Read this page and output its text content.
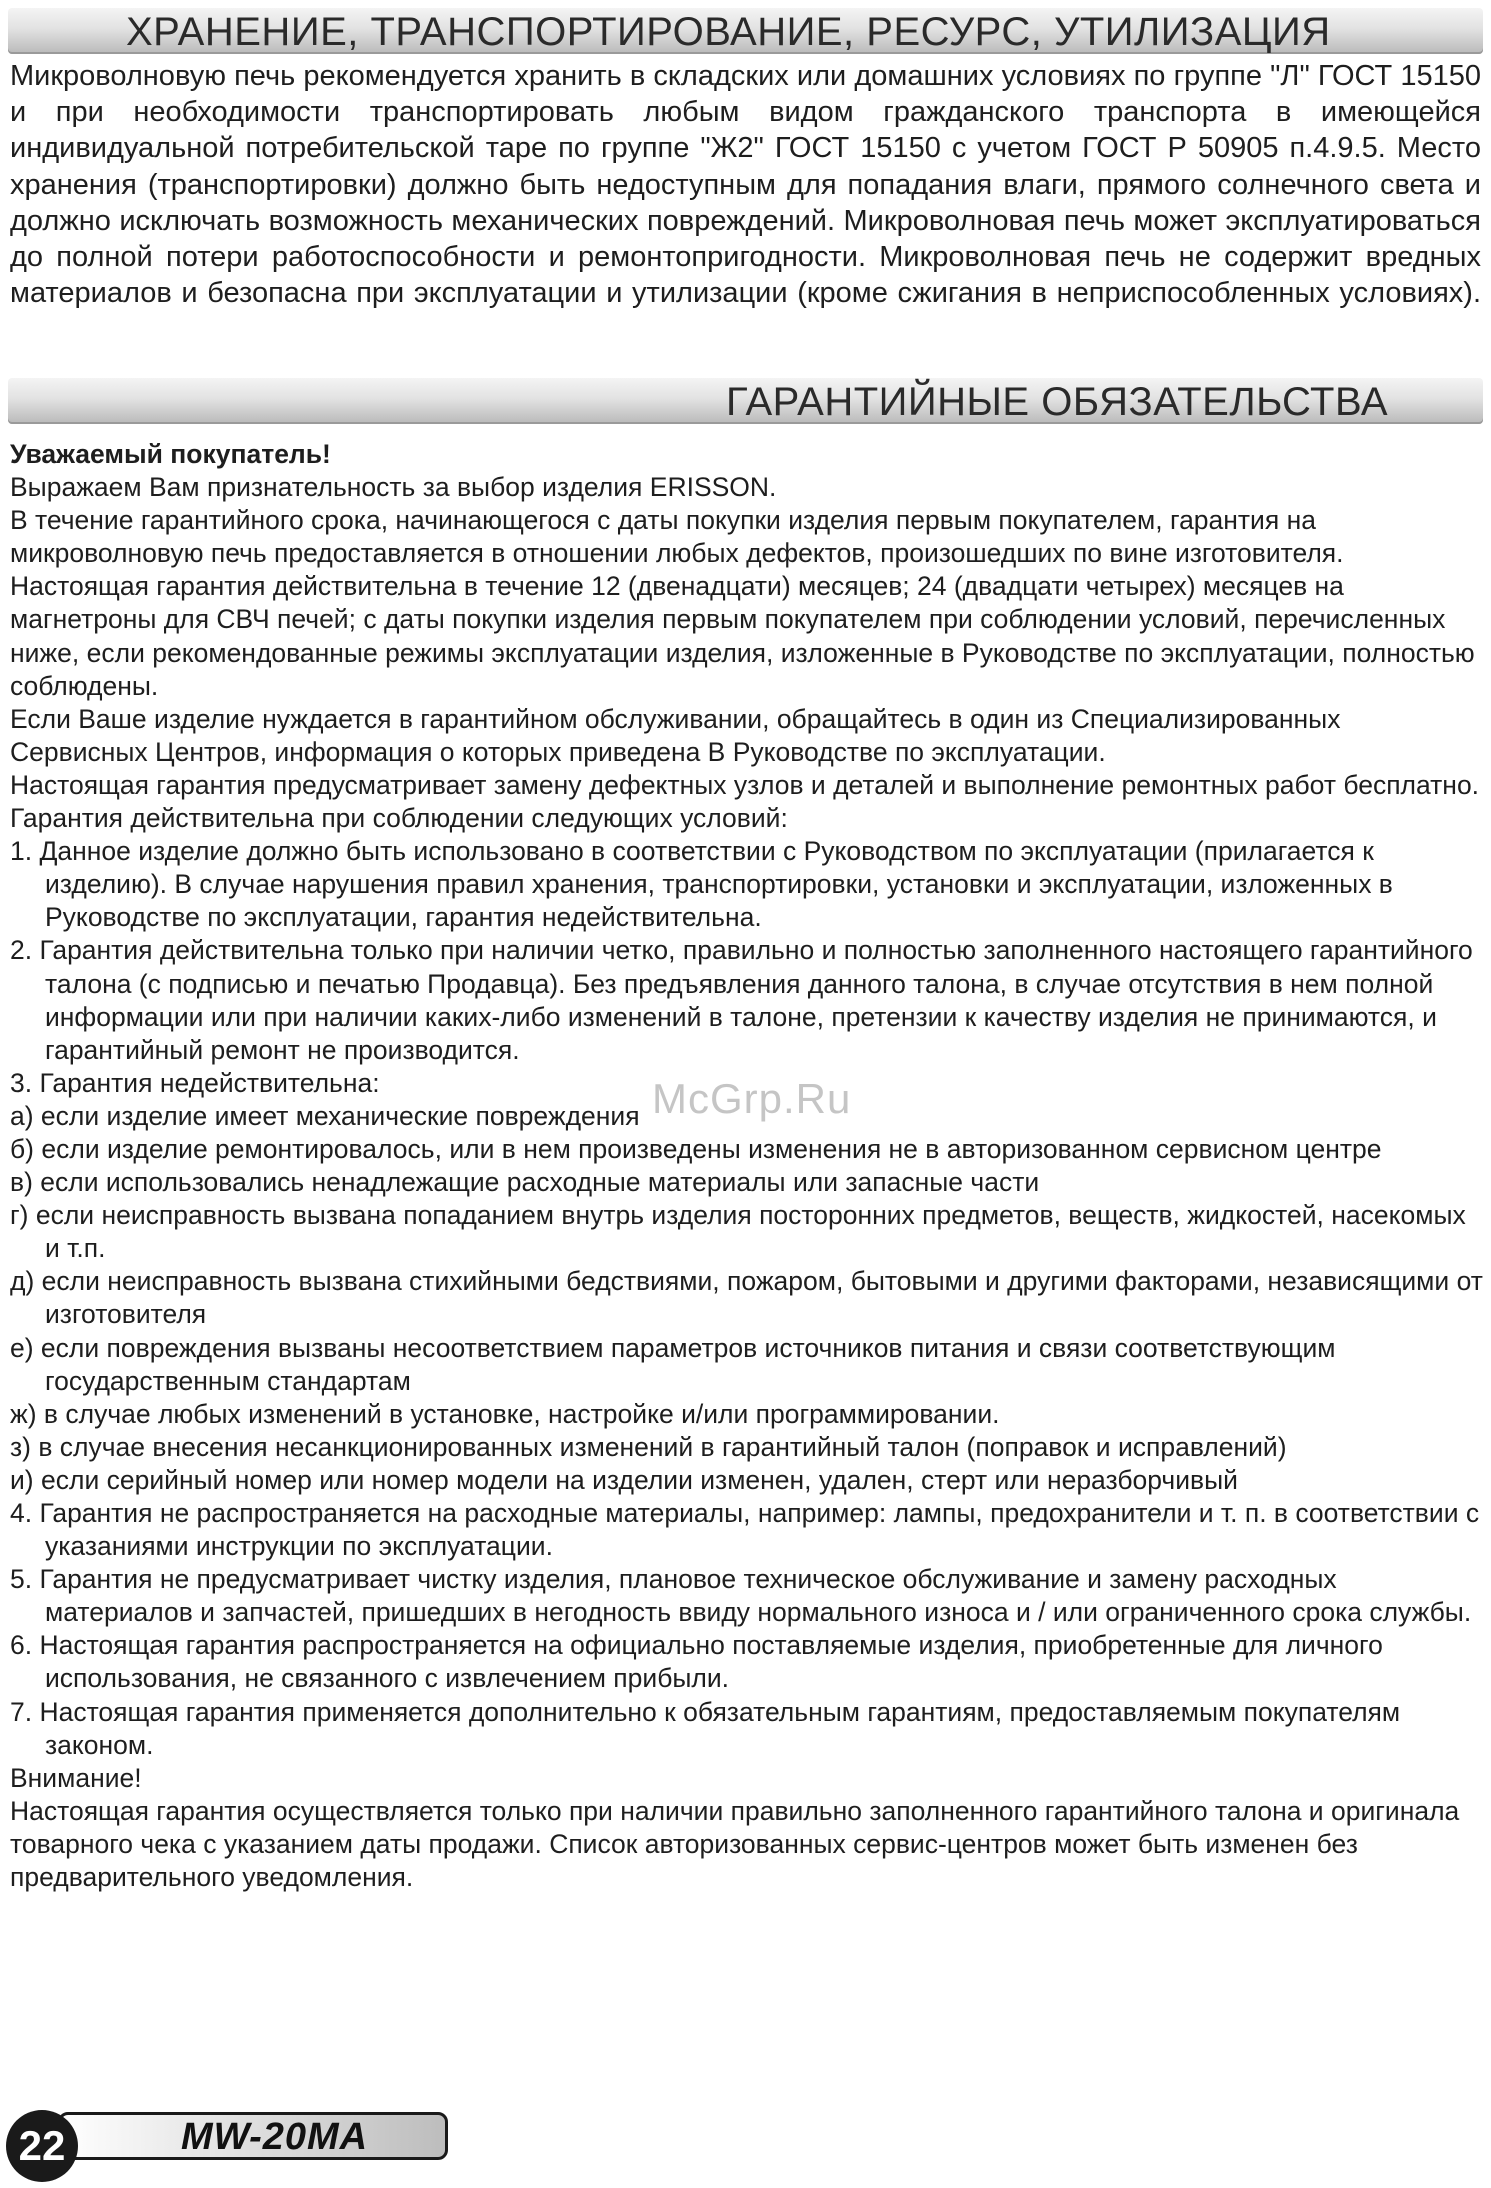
ХРАНЕНИЕ, ТРАНСПОРТИРОВАНИЕ, РЕСУРС, УТИЛИЗАЦИЯ
Микроволновую печь рекомендуется хранить в складских или домашних условиях по группе "Л" ГОСТ 15150 и при необходимости транспортировать любым видом гражданского транспорта в имеющейся индивидуальной потребительской таре по группе "Ж2" ГОСТ 15150 с учетом ГОСТ Р 50905 п.4.9.5. Место хранения (транспортировки) должно быть недоступным для попадания влаги, прямого солнечного света и должно исключать возможность механических повреждений. Микроволновая печь может эксплуатироваться до полной потери работоспособности и ремонтопригодности. Микроволновая печь не содержит вредных материалов и безопасна при эксплуатации и утилизации (кроме сжигания в неприспособленных условиях).
ГАРАНТИЙНЫЕ ОБЯЗАТЕЛЬСТВА

Уважаемый покупатель!

Выражаем Вам признательность за выбор изделия ERISSON.

В течение гарантийного срока, начинающегося с даты покупки изделия первым покупателем, гарантия на микроволновую печь предоставляется в отношении любых дефектов, произошедших по вине изготовителя.

Настоящая гарантия действительна в течение 12 (двенадцати) месяцев; 24 (двадцати четырех) месяцев на магнетроны для СВЧ печей; с даты покупки изделия первым покупателем при соблюдении условий, перечисленных ниже, если рекомендованные режимы эксплуатации изделия, изложенные в Руководстве по эксплуатации, полностью соблюдены.

Если Ваше изделие нуждается в гарантийном обслуживании, обращайтесь в один из Специализированных Сервисных Центров, информация о которых приведена В Руководстве по эксплуатации.

Настоящая гарантия предусматривает замену дефектных узлов и деталей и выполнение ремонтных работ бесплатно.

Гарантия действительна при соблюдении следующих условий:

1. Данное изделие должно быть использовано в соответствии с Руководством по эксплуатации (прилагается к изделию). В случае нарушения правил хранения, транспортировки, установки и эксплуатации, изложенных в Руководстве по эксплуатации, гарантия недействительна.

2. Гарантия действительна только при наличии четко, правильно и полностью заполненного настоящего гарантийного талона (с подписью и печатью Продавца). Без предъявления данного талона, в случае отсутствия в нем полной информации или при наличии каких-либо изменений в талоне, претензии к качеству изделия не принимаются, и гарантийный ремонт не производится.

3. Гарантия недействительна:

а) если изделие имеет механические повреждения

б) если изделие ремонтировалось, или в нем произведены изменения не в авторизованном сервисном центре

в) если использовались ненадлежащие расходные материалы или запасные части

г) если неисправность вызвана попаданием внутрь изделия посторонних предметов, веществ, жидкостей, насекомых и т.п.

д) если неисправность вызвана стихийными бедствиями, пожаром, бытовыми и другими факторами, независящими от изготовителя

е) если повреждения вызваны несоответствием параметров источников питания и связи соответствующим государственным стандартам

ж) в случае любых изменений в установке, настройке и/или программировании.

з) в случае внесения несанкционированных изменений в гарантийный талон (поправок и исправлений)

и) если серийный номер или номер модели на изделии изменен, удален, стерт или неразборчивый

4. Гарантия не распространяется на расходные материалы, например: лампы, предохранители и т. п. в соответствии с указаниями инструкции по эксплуатации.

5. Гарантия не предусматривает чистку изделия, плановое техническое обслуживание и замену расходных материалов и запчастей, пришедших в негодность ввиду нормального износа и / или ограниченного срока службы.

6. Настоящая гарантия распространяется на официально поставляемые изделия, приобретенные для личного использования, не связанного с извлечением прибыли.

7. Настоящая гарантия применяется дополнительно к обязательным гарантиям, предоставляемым покупателям законом.

Внимание!

Настоящая гарантия осуществляется только при наличии правильно заполненного гарантийного талона и оригинала товарного чека с указанием даты продажи. Список авторизованных сервис-центров может быть изменен без предварительного уведомления.

McGrp.Ru
MW-20MA
22
